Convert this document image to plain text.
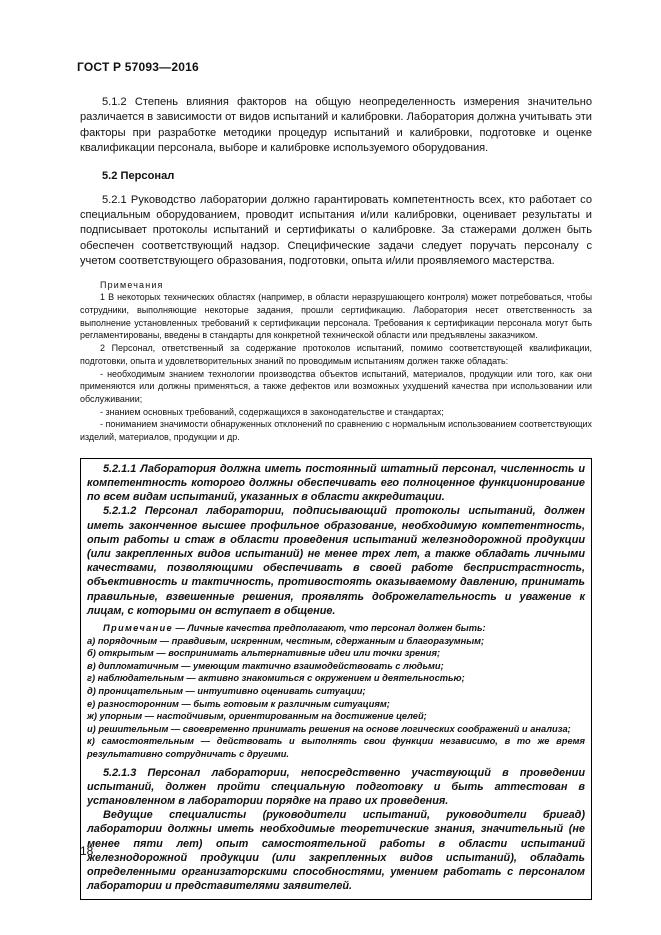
ГОСТ Р 57093—2016

5.1.2 Степень влияния факторов на общую неопределенность измерения значительно различается в зависимости от видов испытаний и калибровки. Лаборатория должна учитывать эти факторы при разработке методики процедур испытаний и калибровки, подготовке и оценке квалификации персонала, выборе и калибровке используемого оборудования.

5.2 Персонал

5.2.1 Руководство лаборатории должно гарантировать компетентность всех, кто работает со специальным оборудованием, проводит испытания и/или калибровки, оценивает результаты и подписывает протоколы испытаний и сертификаты о калибровке. За стажерами должен быть обеспечен соответствующий надзор. Специфические задачи следует поручать персоналу с учетом соответствующего образования, подготовки, опыта и/или проявляемого мастерства.

Примечания

1 В некоторых технических областях (например, в области неразрушающего контроля) может потребоваться, чтобы сотрудники, выполняющие некоторые задания, прошли сертификацию. Лаборатория несет ответственность за выполнение установленных требований к сертификации персонала. Требования к сертификации персонала могут быть регламентированы, введены в стандарты для конкретной технической области или предъявлены заказчиком.

2 Персонал, ответственный за содержание протоколов испытаний, помимо соответствующей квалификации, подготовки, опыта и удовлетворительных знаний по проводимым испытаниям должен также обладать:

- необходимым знанием технологии производства объектов испытаний, материалов, продукции или того, как они применяются или должны применяться, а также дефектов или возможных ухудшений качества при использовании или обслуживании;

- знанием основных требований, содержащихся в законодательстве и стандартах;

- пониманием значимости обнаруженных отклонений по сравнению с нормальным использованием соответствующих изделий, материалов, продукции и др.

5.2.1.1 Лаборатория должна иметь постоянный штатный персонал, численность и компетентность которого должны обеспечивать его полноценное функционирование по всем видам испытаний, указанных в области аккредитации.

5.2.1.2 Персонал лаборатории, подписывающий протоколы испытаний, должен иметь законченное высшее профильное образование, необходимую компетентность, опыт работы и стаж в области проведения испытаний железнодорожной продукции (или закрепленных видов испытаний) не менее трех лет, а также обладать личными качествами, позволяющими обеспечивать в своей работе беспристрастность, объективность и тактичность, противостоять оказываемому давлению, принимать правильные, взвешенные решения, проявлять доброжелательность и уважение к лицам, с которыми он вступает в общение.

Примечание — Личные качества предполагают, что персонал должен быть:

а) порядочным — правдивым, искренним, честным, сдержанным и благоразумным;

б) открытым — воспринимать альтернативные идеи или точки зрения;

в) дипломатичным — умеющим тактично взаимодействовать с людьми;

г) наблюдательным — активно знакомиться с окружением и деятельностью;

д) проницательным — интуитивно оценивать ситуации;

е) разносторонним — быть готовым к различным ситуациям;

ж) упорным — настойчивым, ориентированным на достижение целей;

и) решительным — своевременно принимать решения на основе логических соображений и анализа;

к) самостоятельным — действовать и выполнять свои функции независимо, в то же время результативно сотрудничать с другими.

5.2.1.3 Персонал лаборатории, непосредственно участвующий в проведении испытаний, должен пройти специальную подготовку и быть аттестован в установленном в лаборатории порядке на право их проведения.

Ведущие специалисты (руководители испытаний, руководители бригад) лаборатории должны иметь необходимые теоретические знания, значительный (не менее пяти лет) опыт самостоятельной работы в области испытаний железнодорожной продукции (или закрепленных видов испытаний), обладать определенными организаторскими способностями, умением работать с персоналом лаборатории и представителями заявителей.

18
